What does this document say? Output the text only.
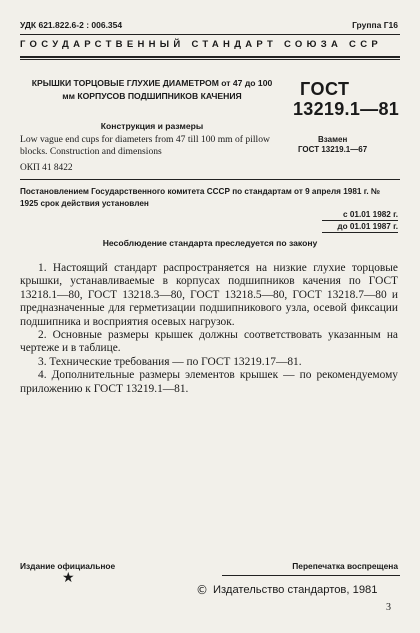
УДК 621.822.6-2 : 006.354	Группа Г16
ГОСУДАРСТВЕННЫЙ СТАНДАРТ СОЮЗА ССР
КРЫШКИ ТОРЦОВЫЕ ГЛУХИЕ ДИАМЕТРОМ от 47 до 100 мм КОРПУСОВ ПОДШИПНИКОВ КАЧЕНИЯ
Конструкция и размеры
Low vague end cups for diameters from 47 till 100 mm of pillow blocks. Construction and dimensions
ОКП 41 8422
ГОСТ
13219.1—81
Взамен
ГОСТ 13219.1—67
Постановлением Государственного комитета СССР по стандартам от 9 апреля 1981 г. № 1925 срок действия установлен
с 01.01 1982 г.
до 01.01 1987 г.
Несоблюдение стандарта преследуется по закону

1. Настоящий стандарт распространяется на низкие глухие торцовые крышки, устанавливаемые в корпусах подшипников качения по ГОСТ 13218.1—80, ГОСТ 13218.3—80, ГОСТ 13218.5—80, ГОСТ 13218.7—80 и предназначенные для герметизации подшипникового узла, осевой фиксации подшипника и восприятия осевых нагрузок.

2. Основные размеры крышек должны соответствовать указанным на чертеже и в таблице.

3. Технические требования — по ГОСТ 13219.17—81.

4. Дополнительные размеры элементов крышек — по рекомендуемому приложению к ГОСТ 13219.1—81.

Издание официальное	Перепечатка воспрещена
★
© Издательство стандартов, 1981
3
